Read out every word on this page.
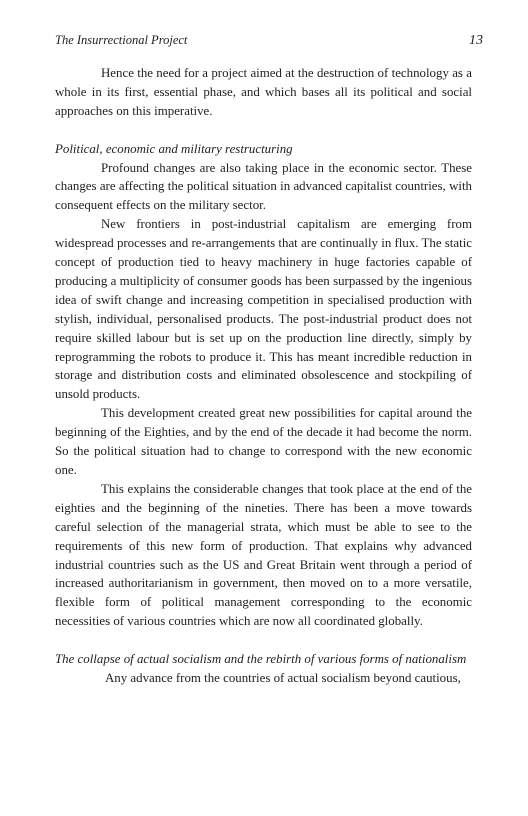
The Insurrectional Project	13

Hence the need for a project aimed at the destruction of technology as a whole in its first, essential phase, and which bases all its political and social approaches on this imperative.

Political, economic and military restructuring

Profound changes are also taking place in the economic sector. These changes are affecting the political situation in advanced capitalist countries, with consequent effects on the military sector.

New frontiers in post-industrial capitalism are emerging from widespread processes and re-arrangements that are continually in flux. The static concept of production tied to heavy machinery in huge factories capable of producing a multiplicity of consumer goods has been surpassed by the ingenious idea of swift change and increasing competition in specialised production with stylish, individual, personalised products. The post-industrial product does not require skilled labour but is set up on the production line directly, simply by reprogramming the robots to produce it. This has meant incredible reduction in storage and distribution costs and eliminated obsolescence and stockpiling of unsold products.

This development created great new possibilities for capital around the beginning of the Eighties, and by the end of the decade it had become the norm. So the political situation had to change to correspond with the new economic one.

This explains the considerable changes that took place at the end of the eighties and the beginning of the nineties. There has been a move towards careful selection of the managerial strata, which must be able to see to the requirements of this new form of production. That explains why advanced industrial countries such as the US and Great Britain went through a period of increased authoritarianism in government, then moved on to a more versatile, flexible form of political management corresponding to the economic necessities of various countries which are now all coordinated globally.

The collapse of actual socialism and the rebirth of various forms of nationalism

Any advance from the countries of actual socialism beyond cautious,
